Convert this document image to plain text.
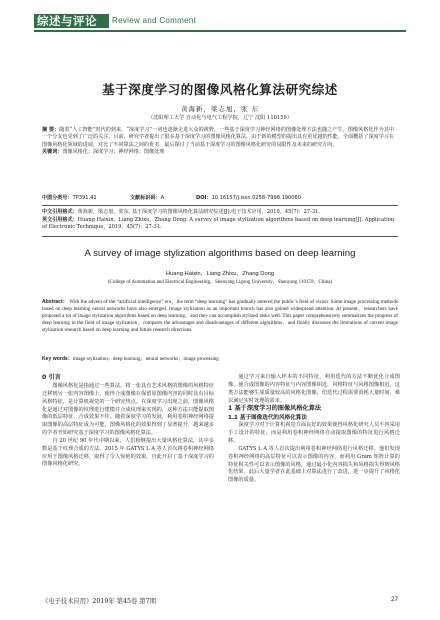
综述与评论	Review and Comment
基于深度学习的图像风格化算法研究综述
黄海新，梁志旭，张 东
（沈阳理工大学 自动化与电气工程学院，辽宁 沈阳 110159）
摘 要：随着“人工智能”时代的到来，“深度学习”一词也逐渐走进大众的视野，一些基于深度学习神经网络的图像处理方法也随之产生，图像风格化作为其中一个分支也受到了广泛的关注。目前，研究学者提出了很多基于深度学习的图像风格化算法，由于新的模型的提出具有更优越的性能，全面概括了深度学习在图像风格化领域的进展，对比了不同算法之间的优劣，最后探讨了当前基于深度学习的图像风格化研究的局限性及未来的研究方向。
关键词：图像风格化；深度学习；神经网络；图像处理
中图分类号：TP391.41	文献标识码：A	DOI：10.16157/j.issn.0258-7998.190060
中文引用格式：黄海新，梁志旭，张东. 基于深度学习的图像风格化算法研究综述[J].电子技术应用，2019，45(7)：27-31.
英文引用格式：Huang Haixin，Liang Zhixu，Zhang Dong. A survey of image stylization algorithms based on deep learning[J]. Application of Electronic Technique，2019，45(7)：27-31.
A survey of image stylization algorithms based on deep learning
Huang Haixin，Liang Zhixu，Zhang Dong
(College of Automation and Electrical Engineering，Shenyang Ligong University，Shenyang 110159，China)
Abstract： With the advent of the “artificial intelligence” era，the term “deep learning” has gradually entered the public’s field of vision. Some image processing methods based on deep learning neural networks have also emerged. Image stylization as an important branch has also gained widespread attention. At present，researchers have proposed a lot of image stylization algorithms based on deep learning，and they can accomplish stylized tasks well. This paper comprehensively summarizes the progress of deep learning in the field of image stylization，compares the advantages and disadvantages of different algorithms，and finally discusses the limitations of current image stylization research based on deep learning and future research directions.
Key words：image stylization；deep learning；neural networks；image processing
0 引言

图像风格化是指通过一些算法，将一张具有艺术风格的图像的风格特征迁移到另一张内容图像上，使得合成图像在保留原图像内容的同时具有目标风格特征，是计算机视觉的一个研究热点。在深度学习出现之前，图像风格化是通过对图像的纹理进行建模并合成纹理来实现的，这种方法只能提取图像的低层特征，合成效果不佳。随着深度学习的发展，利用卷积神经网络提取图像的高层特征成为可能，图像风格化的效果得到了显著提升，越来越多的学者开始研究基于深度学习的图像风格化算法。

自 20 世纪 90 年代中期以来，人们相继提出大量风格化算法，其中多数是基于纹理合成的方法。2015 年 GATYS L A 等人首次将卷积神经网络应用于图像风格迁移，取得了令人惊艳的效果，自此开启了基于深度学习的图像风格化研究。

通过学习来自输入样本的不同特征，利用迭代的方法不断优化合成图像，使合成图像的内容特征与内容图像相近，风格特征与风格图像相近。这类方法能够生成质量较高的风格化图像，但迭代过程需要消耗大量时间，难以满足实时处理的需求。

1 基于深度学习的图像风格化算法
1.1 基于图像迭代的风格化算法

深度学习对于计算机视觉方面良好的效果使得风格化研究人员不再采用手工设计的特征，而是利用卷积神经网络自动提取图像的特征进行风格迁移。

GATYS L A 等人首次提出利用卷积神经网络进行风格迁移。他们发现卷积神经网络的高层特征可以表示图像的内容，而利用 Gram 矩阵计算的特征相关性可以表示图像的风格，通过最小化内容损失和风格损失得到风格化结果。此后大量学者在此基础上对算法进行了改进，进一步提升了风格化图像的质量。

《电子技术应用》2019年 第45卷 第7期	27
